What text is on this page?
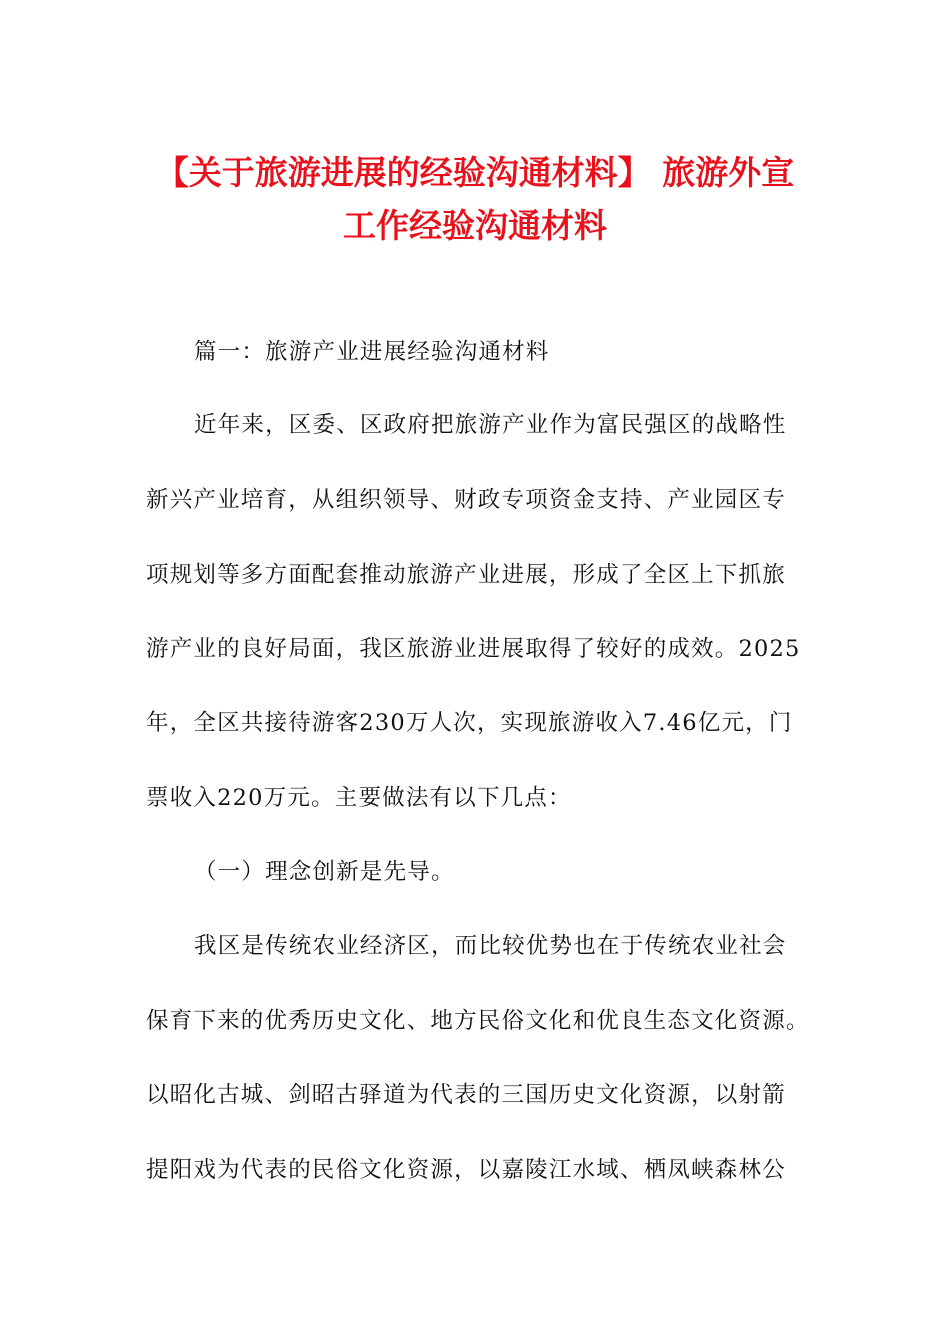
【关于旅游进展的经验沟通材料】 旅游外宣
工作经验沟通材料
篇一：旅游产业进展经验沟通材料
近年来，区委、区政府把旅游产业作为富民强区的战略性
新兴产业培育，从组织领导、财政专项资金支持、产业园区专
项规划等多方面配套推动旅游产业进展，形成了全区上下抓旅
游产业的良好局面，我区旅游业进展取得了较好的成效。2025
年，全区共接待游客230万人次，实现旅游收入7.46亿元，门
票收入220万元。主要做法有以下几点：
（一）理念创新是先导。
我区是传统农业经济区，而比较优势也在于传统农业社会
保育下来的优秀历史文化、地方民俗文化和优良生态文化资源。
以昭化古城、剑昭古驿道为代表的三国历史文化资源，以射箭
提阳戏为代表的民俗文化资源，以嘉陵江水域、栖凤峡森林公
